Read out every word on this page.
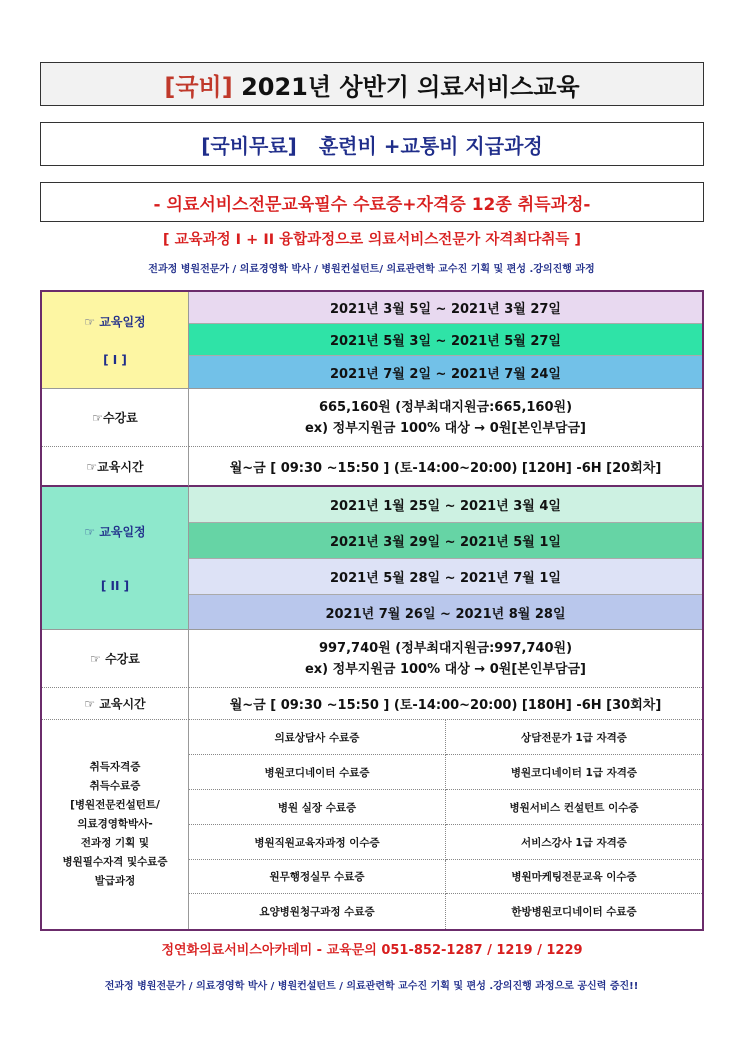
[국비]
2021년 상반기 의료서비스교육
[국비무료] 훈련비 +교통비 지급과정
- 의료서비스전문교육필수 수료증+자격증 12종 취득과정-
[ 교육과정 I + II 융합과정으로 의료서비스전문가 자격최다취득 ]
전과정 병원전문가 / 의료경영학 박사 / 병원컨설턴트/ 의료관련학 교수진 기획 및 편성 .강의진행 과정
☞ 교육일정
[ I ]
2021년 3월 5일 ~ 2021년 3월 27일
2021년 5월 3일 ~ 2021년 5월 27일
2021년 7월 2일 ~ 2021년 7월 24일
☞수강료
665,160원 (정부최대지원금:665,160원)
ex) 정부지원금 100% 대상 → 0원[본인부담금]
☞교육시간	월~금 [ 09:30 ~15:50 ] (토-14:00~20:00) [120H] -6H [20회차]
☞ 교육일정
[ II ]
2021년 1월 25일 ~ 2021년 3월 4일
2021년 3월 29일 ~ 2021년 5월 1일
2021년 5월 28일 ~ 2021년 7월 1일
2021년 7월 26일 ~ 2021년 8월 28일
☞ 수강료
997,740원 (정부최대지원금:997,740원)
ex) 정부지원금 100% 대상 → 0원[본인부담금]
☞ 교육시간	월~금 [ 09:30 ~15:50 ] (토-14:00~20:00) [180H] -6H [30회차]
취득자격증
취득수료증
[병원전문컨설턴트/
의료경영학박사-
전과정 기획 및
병원필수자격 및수료증
발급과정
의료상담사 수료증
병원코디네이터 수료증
병원 실장 수료증
병원직원교육자과정 이수증
원무행정실무 수료증
요양병원청구과정 수료증
상담전문가 1급 자격증
병원코디네이터 1급 자격증
병원서비스 컨설턴트 이수증
서비스강사 1급 자격증
병원마케팅전문교육 이수증
한방병원코디네이터 수료증
정연화의료서비스아카데미 - 교육문의 051-852-1287 / 1219 / 1229
전과정 병원전문가 / 의료경영학 박사 / 병원컨설턴트 / 의료관련학 교수진 기획 및 편성 .강의진행 과정으로 공신력 증진!!
